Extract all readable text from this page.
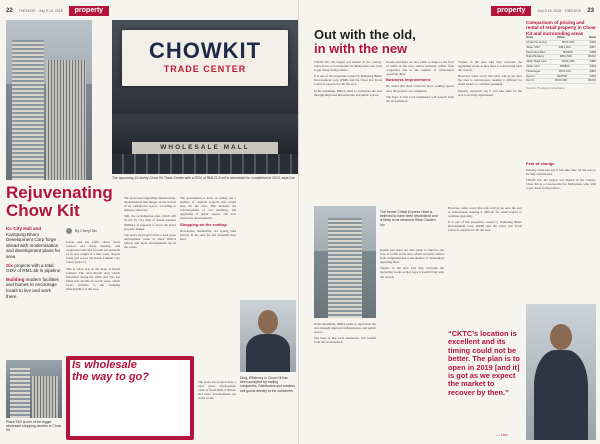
22 THEEDGE · July 9-15, 2018	property
Rejuvenating
Chow Kit
KL City Hall and Kampung Bharu Development Corp forge ahead with modernisation and development plans for area
Six projects with a total GDV of RM1.6b in pipeline
Building modern facilities and homes to encourage locals to live and work there
By Cheryl Tan
Locals past the traffic chaos, street vendors and cheap housing, and congested roads and you will see potential of an area caught in a time warp, despite being just across the Kuala Lumpur City Centre (KLCC).
This is Chow Kit, in the heart of Kuala Lumpur. The once-vibrant area, which flourished during the 1960s and '70s, has fallen into decline in recent years, which locals attribute to the changing demographics of the area.
Plaza TAR is one of the bigger wholesale shopping centres in Chow Kit
Is wholesale
the way to go?
The place need upgrading infrastructure, modernisation that hinges on the revival of its commercial spaces, according to industry observers.
Still, the revitalisation plan, which will be led by City Hall of Kuala Lumpur (DBKL), is expected to boost the area's property market.
The area's six projects have a total gross development value of about RM1.6 billion, and more developments are in the works.
The government is keen on rolling out a number of catalytic projects that would help lift the area. This includes the redevelopment of old buildings, the upgrading of public spaces, and new mixed-use developments.
Shopping on the rooftop
Developers, meanwhile, are eyeing land parcels in the area for the potential they hold.
CHOWKIT
TRADE CENTER
WHOLESALE MALL
The upcoming 10-storey Chow Kit Trade Centre with a GDV of RM121.8 mil is scheduled for completion in 2019, says Lim
Ding: Efficiency in Chow Kit has been accepted by trading companies. Distributors and retailers sell goods directly to the customers
The area's six projects have a total gross development value of about RM1.6 billion, and more developments are in the works.
property	July 9-15, 2018 · THEEDGE 23
Out with the old,
in with the new
CHOW Kit, the largest wet market in the country, Chow Kit is a crowd-puller for Malaysians who wish to get cheap fresh produce.
It is one of the properties owned by Kampung Bharu Development Corp (PKB) and the Chow Kit Trade Centre is expected to lift the area.
In the meantime, DBKL plans to rejuvenate the area through improved infrastructure and public spaces.
Kasim said there are also plans to improve the flow of traffic in the area, which currently suffers from congestion due to the number of wholesalers operating there.
Business improvement
He added that there would be more parking spaces once the projects are completed.
The hope is that local businesses will benefit from the revitalisation.
Traders in the area said they welcome the upgrading works as they hope it would bring back the crowds.
However, some worry that rents will go up once the area is redeveloped, making it difficult for small traders to continue operating.
Industry observers say it will take time for the area to be fully rejuvenated.
Comparison of pricing and rental of retail property in Chow Kit and surrounding areas
Area	Price	Rent
Chow Kit Living	RM1,000	RM6
Jalan TAR	RM1,300	RM7
Kampung Baru	RM900	RM5
Bukit Bintang	RM2,500	RM12
Jalan Raja Laut	RM1,600	RM8
Jalan Ipoh	RM800	RM4
Titiwangsa	RM1,100	RM6
Sentul	RM700	RM4
KLCC	RM3,200	RM15
Source: Property consultants
The former Chikal Express Hotel is believed to have been refurbished and is likely to be renamed Hilton Garden Inn
In the meantime, DBKL plans to rejuvenate the area through improved infrastructure and public spaces.
The hope is that local businesses will benefit from the revitalisation.
Kasim said there are also plans to improve the flow of traffic in the area, which currently suffers from congestion due to the number of wholesalers operating there.
Traders in the area said they welcome the upgrading works as they hope it would bring back the crowds.
However, some worry that rents will go up once the area is redeveloped, making it difficult for small traders to continue operating.
It is one of the properties owned by Kampung Bharu Development Corp (PKB) and the Chow Kit Trade Centre is expected to lift the area.
Fear of change
Industry observers say it will take time for the area to be fully rejuvenated.
CHOW Kit, the largest wet market in the country, Chow Kit is a crowd-puller for Malaysians who wish to get cheap fresh produce.
“CKTC’s location is excellent and its timing could not be better. The plan is to open in 2019 [and it] is got as we expect the market to recover by then.”
— Lim
